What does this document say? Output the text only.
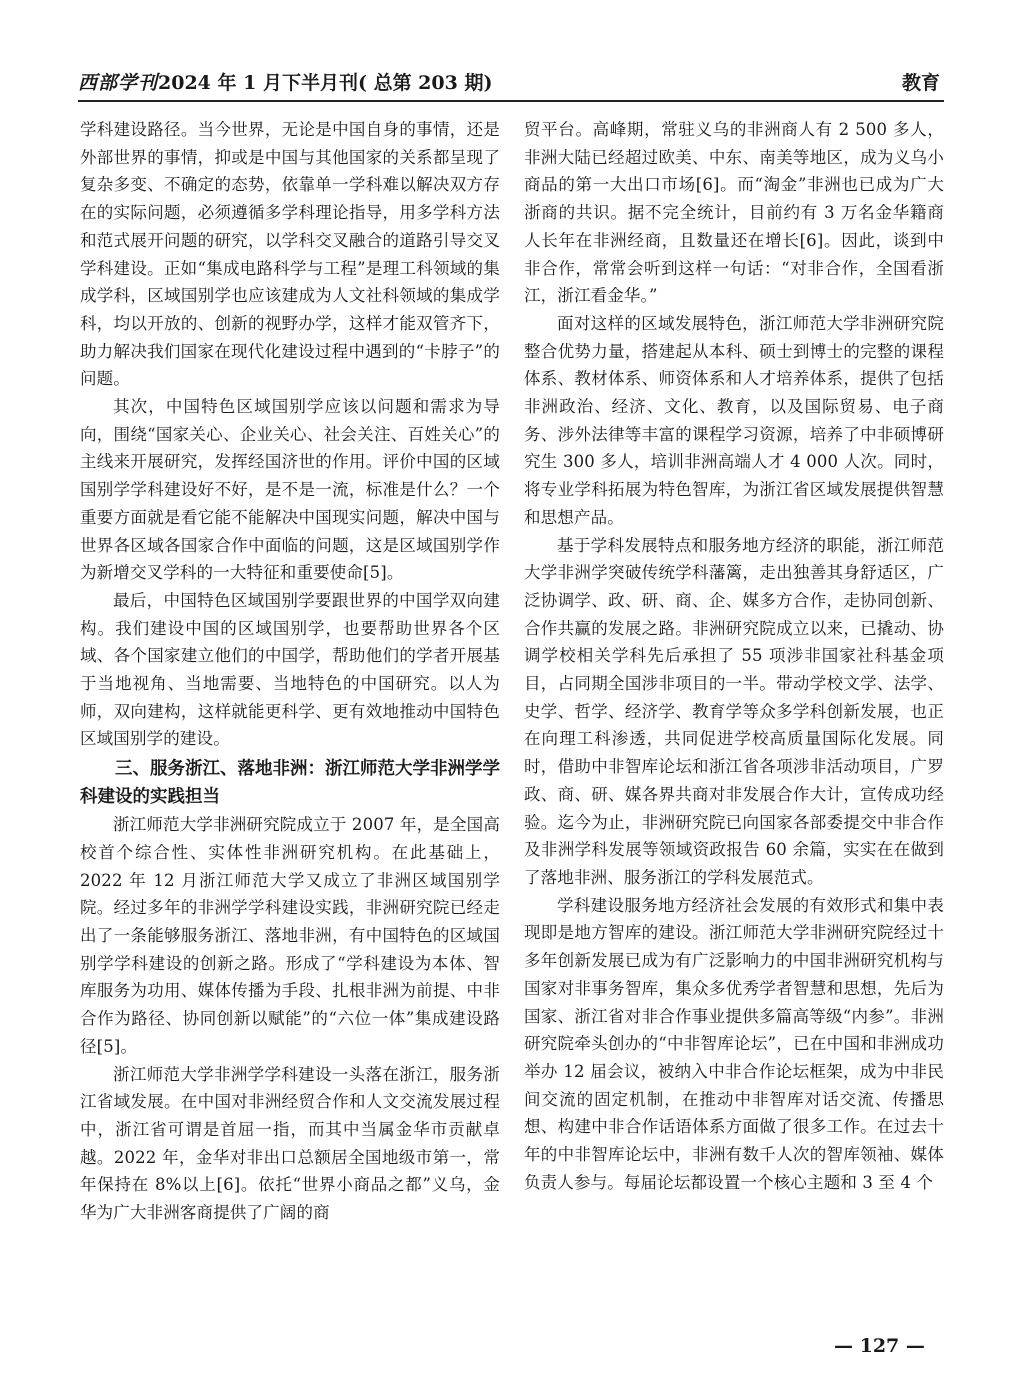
西部学刊2024 年 1 月下半月刊( 总第 203 期)	教育

学科建设路径。当今世界，无论是中国自身的事情，还是外部世界的事情，抑或是中国与其他国家的关系都呈现了复杂多变、不确定的态势，依靠单一学科难以解决双方存在的实际问题，必须遵循多学科理论指导，用多学科方法和范式展开问题的研究，以学科交叉融合的道路引导交叉学科建设。正如“集成电路科学与工程”是理工科领域的集成学科，区域国别学也应该建成为人文社科领域的集成学科，均以开放的、创新的视野办学，这样才能双管齐下，助力解决我们国家在现代化建设过程中遇到的“卡脖子”的问题。

其次，中国特色区域国别学应该以问题和需求为导向，围绕“国家关心、企业关心、社会关注、百姓关心”的主线来开展研究，发挥经国济世的作用。评价中国的区域国别学学科建设好不好，是不是一流，标准是什么？一个重要方面就是看它能不能解决中国现实问题，解决中国与世界各区域各国家合作中面临的问题，这是区域国别学作为新增交叉学科的一大特征和重要使命[5]。

最后，中国特色区域国别学要跟世界的中国学双向建构。我们建设中国的区域国别学，也要帮助世界各个区域、各个国家建立他们的中国学，帮助他们的学者开展基于当地视角、当地需要、当地特色的中国研究。以人为师，双向建构，这样就能更科学、更有效地推动中国特色区域国别学的建设。

三、服务浙江、落地非洲：浙江师范大学非洲学学科建设的实践担当

浙江师范大学非洲研究院成立于 2007 年，是全国高校首个综合性、实体性非洲研究机构。在此基础上，2022 年 12 月浙江师范大学又成立了非洲区域国别学院。经过多年的非洲学学科建设实践，非洲研究院已经走出了一条能够服务浙江、落地非洲，有中国特色的区域国别学学科建设的创新之路。形成了“学科建设为本体、智库服务为功用、媒体传播为手段、扎根非洲为前提、中非合作为路径、协同创新以赋能”的“六位一体”集成建设路径[5]。

浙江师范大学非洲学学科建设一头落在浙江，服务浙江省域发展。在中国对非洲经贸合作和人文交流发展过程中，浙江省可谓是首屈一指，而其中当属金华市贡献卓越。2022 年，金华对非出口总额居全国地级市第一，常年保持在 8%以上[6]。依托“世界小商品之都”义乌，金华为广大非洲客商提供了广阔的商

贸平台。高峰期，常驻义乌的非洲商人有 2 500 多人，非洲大陆已经超过欧美、中东、南美等地区，成为义乌小商品的第一大出口市场[6]。而“淘金”非洲也已成为广大浙商的共识。据不完全统计，目前约有 3 万名金华籍商人长年在非洲经商，且数量还在增长[6]。因此，谈到中非合作，常常会听到这样一句话：“对非合作，全国看浙江，浙江看金华。”

面对这样的区域发展特色，浙江师范大学非洲研究院整合优势力量，搭建起从本科、硕士到博士的完整的课程体系、教材体系、师资体系和人才培养体系，提供了包括非洲政治、经济、文化、教育，以及国际贸易、电子商务、涉外法律等丰富的课程学习资源，培养了中非硕博研究生 300 多人，培训非洲高端人才 4 000 人次。同时，将专业学科拓展为特色智库，为浙江省区域发展提供智慧和思想产品。

基于学科发展特点和服务地方经济的职能，浙江师范大学非洲学突破传统学科藩篱，走出独善其身舒适区，广泛协调学、政、研、商、企、媒多方合作，走协同创新、合作共赢的发展之路。非洲研究院成立以来，已撬动、协调学校相关学科先后承担了 55 项涉非国家社科基金项目，占同期全国涉非项目的一半。带动学校文学、法学、史学、哲学、经济学、教育学等众多学科创新发展，也正在向理工科渗透，共同促进学校高质量国际化发展。同时，借助中非智库论坛和浙江省各项涉非活动项目，广罗政、商、研、媒各界共商对非发展合作大计，宣传成功经验。迄今为止，非洲研究院已向国家各部委提交中非合作及非洲学科发展等领域资政报告 60 余篇，实实在在做到了落地非洲、服务浙江的学科发展范式。

学科建设服务地方经济社会发展的有效形式和集中表现即是地方智库的建设。浙江师范大学非洲研究院经过十多年创新发展已成为有广泛影响力的中国非洲研究机构与国家对非事务智库，集众多优秀学者智慧和思想，先后为国家、浙江省对非合作事业提供多篇高等级“内参”。非洲研究院牵头创办的“中非智库论坛”，已在中国和非洲成功举办 12 届会议，被纳入中非合作论坛框架，成为中非民间交流的固定机制，在推动中非智库对话交流、传播思想、构建中非合作话语体系方面做了很多工作。在过去十年的中非智库论坛中，非洲有数千人次的智库领袖、媒体负责人参与。每届论坛都设置一个核心主题和 3 至 4 个

— 127 —
